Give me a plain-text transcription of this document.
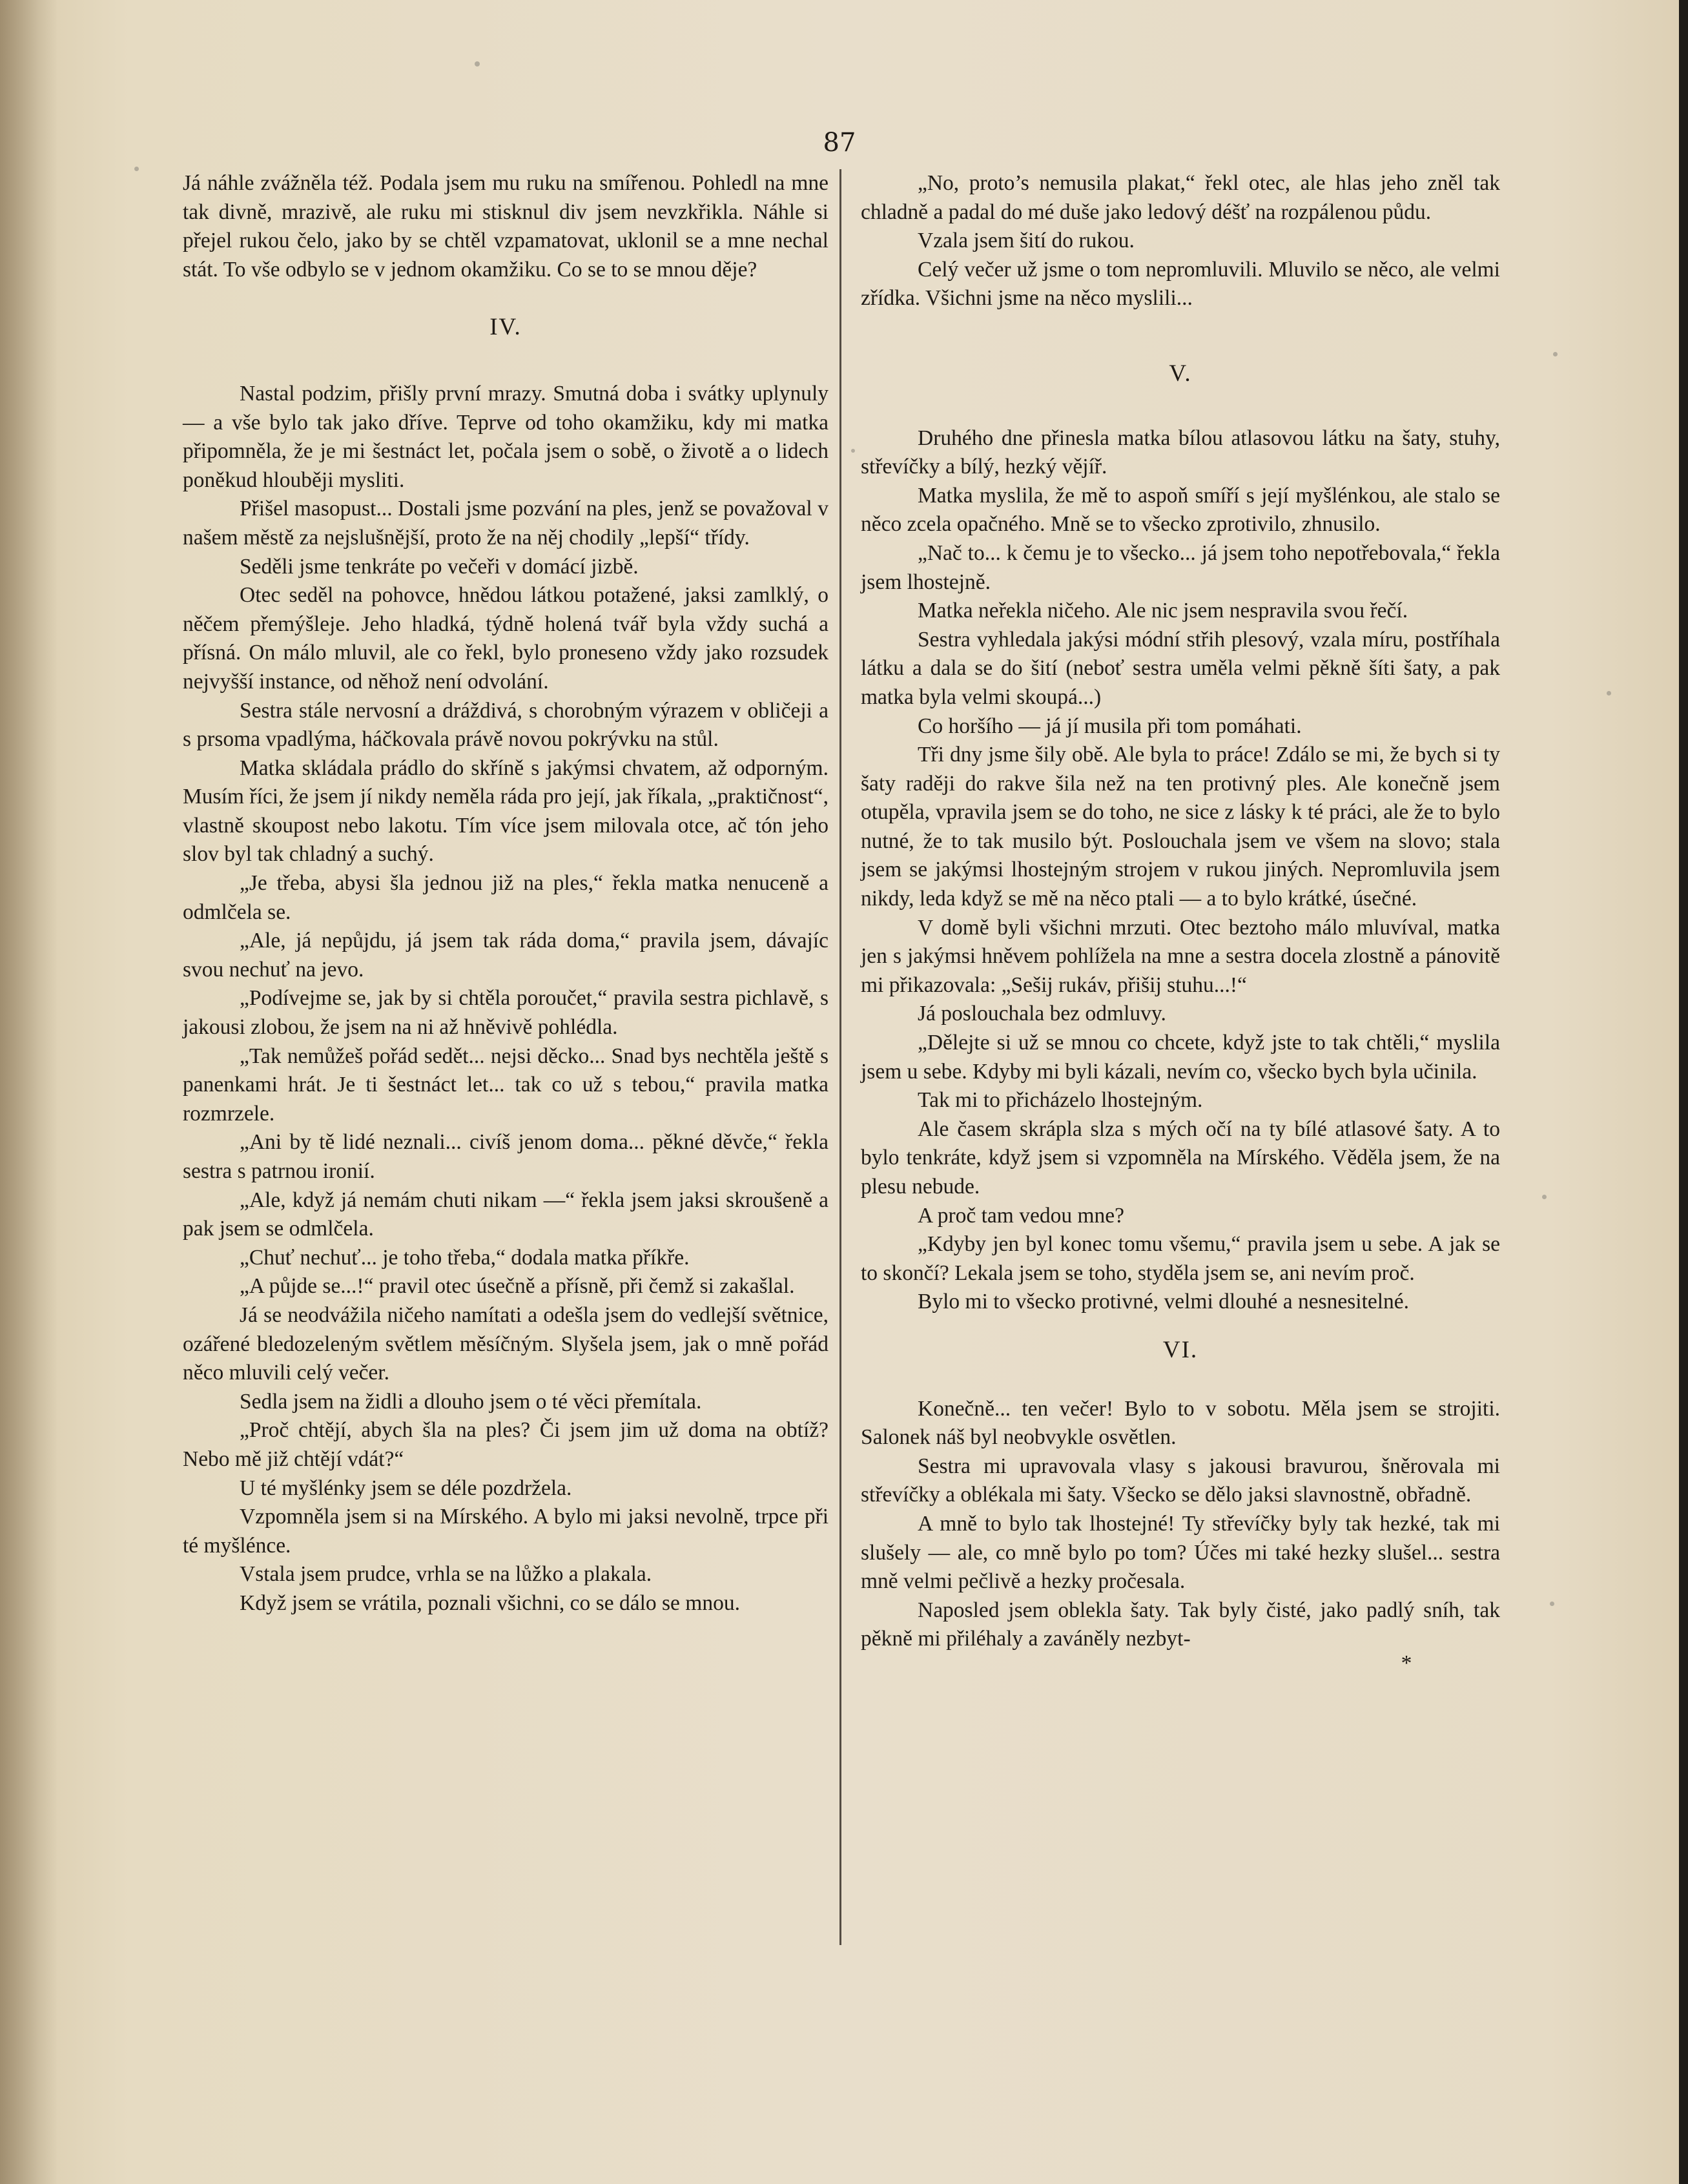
87

Já náhle zvážněla též. Podala jsem mu ruku na smířenou. Pohledl na mne tak divně, mrazivě, ale ruku mi stisknul div jsem nevzkřikla. Náhle si přejel rukou čelo, jako by se chtěl vzpamatovat, uklonil se a mne nechal stát. To vše odbylo se v jednom okamžiku. Co se to se mnou děje?

IV.

Nastal podzim, přišly první mrazy. Smutná doba i svátky uplynuly — a vše bylo tak jako dříve. Teprve od toho okamžiku, kdy mi matka připomněla, že je mi šestnáct let, počala jsem o sobě, o životě a o lidech poněkud hlouběji mysliti.

Přišel masopust... Dostali jsme pozvání na ples, jenž se považoval v našem městě za nejslušnější, proto že na něj chodily „lepší“ třídy.

Seděli jsme tenkráte po večeři v domácí jizbě.

Otec seděl na pohovce, hnědou látkou potažené, jaksi zamlklý, o něčem přemýšleje. Jeho hladká, týdně holená tvář byla vždy suchá a přísná. On málo mluvil, ale co řekl, bylo proneseno vždy jako rozsudek nejvyšší instance, od něhož není odvolání.

Sestra stále nervosní a dráždivá, s chorobným výrazem v obličeji a s prsoma vpadlýma, háčkovala právě novou pokrývku na stůl.

Matka skládala prádlo do skříně s jakýmsi chvatem, až odporným. Musím říci, že jsem jí nikdy neměla ráda pro její, jak říkala, „praktičnost“, vlastně skoupost nebo lakotu. Tím více jsem milovala otce, ač tón jeho slov byl tak chladný a suchý.

„Je třeba, abysi šla jednou již na ples,“ řekla matka nenuceně a odmlčela se.

„Ale, já nepůjdu, já jsem tak ráda doma,“ pravila jsem, dávajíc svou nechuť na jevo.

„Podívejme se, jak by si chtěla poroučet,“ pravila sestra pichlavě, s jakousi zlobou, že jsem na ni až hněvivě pohlédla.

„Tak nemůžeš pořád sedět... nejsi děcko... Snad bys nechtěla ještě s panenkami hrát. Je ti šestnáct let... tak co už s tebou,“ pravila matka rozmrzele.

„Ani by tě lidé neznali... civíš jenom doma... pěkné děvče,“ řekla sestra s patrnou ironií.

„Ale, když já nemám chuti nikam —“ řekla jsem jaksi skroušeně a pak jsem se odmlčela.

„Chuť nechuť... je toho třeba,“ dodala matka příkře.

„A půjde se...!“ pravil otec úsečně a přísně, při čemž si zakašlal.

Já se neodvážila ničeho namítati a odešla jsem do vedlejší světnice, ozářené bledozeleným světlem měsíčným. Slyšela jsem, jak o mně pořád něco mluvili celý večer.

Sedla jsem na židli a dlouho jsem o té věci přemítala.

„Proč chtějí, abych šla na ples? Či jsem jim už doma na obtíž? Nebo mě již chtějí vdát?“

U té myšlénky jsem se déle pozdržela.

Vzpomněla jsem si na Mírského. A bylo mi jaksi nevolně, trpce při té myšlénce.

Vstala jsem prudce, vrhla se na lůžko a plakala.

Když jsem se vrátila, poznali všichni, co se dálo se mnou.

„No, proto’s nemusila plakat,“ řekl otec, ale hlas jeho zněl tak chladně a padal do mé duše jako ledový déšť na rozpálenou půdu.

Vzala jsem šití do rukou.

Celý večer už jsme o tom nepromluvili. Mluvilo se něco, ale velmi zřídka. Všichni jsme na něco myslili...

V.

Druhého dne přinesla matka bílou atlasovou látku na šaty, stuhy, střevíčky a bílý, hezký vějíř.

Matka myslila, že mě to aspoň smíří s její myšlénkou, ale stalo se něco zcela opačného. Mně se to všecko zprotivilo, zhnusilo.

„Nač to... k čemu je to všecko... já jsem toho nepotřebovala,“ řekla jsem lhostejně.

Matka neřekla ničeho. Ale nic jsem nespravila svou řečí.

Sestra vyhledala jakýsi módní střih plesový, vzala míru, postříhala látku a dala se do šití (neboť sestra uměla velmi pěkně šíti šaty, a pak matka byla velmi skoupá...)

Co horšího — já jí musila při tom pomáhati.

Tři dny jsme šily obě. Ale byla to práce! Zdálo se mi, že bych si ty šaty raději do rakve šila než na ten protivný ples. Ale konečně jsem otupěla, vpravila jsem se do toho, ne sice z lásky k té práci, ale že to bylo nutné, že to tak musilo být. Poslouchala jsem ve všem na slovo; stala jsem se jakýmsi lhostejným strojem v rukou jiných. Nepromluvila jsem nikdy, leda když se mě na něco ptali — a to bylo krátké, úsečné.

V domě byli všichni mrzuti. Otec beztoho málo mluvíval, matka jen s jakýmsi hněvem pohlížela na mne a sestra docela zlostně a pánovitě mi přikazovala: „Sešij rukáv, přišij stuhu...!“

Já poslouchala bez odmluvy.

„Dělejte si už se mnou co chcete, když jste to tak chtěli,“ myslila jsem u sebe. Kdyby mi byli kázali, nevím co, všecko bych byla učinila.

Tak mi to přicházelo lhostejným.

Ale časem skrápla slza s mých očí na ty bílé atlasové šaty. A to bylo tenkráte, když jsem si vzpomněla na Mírského. Věděla jsem, že na plesu nebude.

A proč tam vedou mne?

„Kdyby jen byl konec tomu všemu,“ pravila jsem u sebe. A jak se to skončí? Lekala jsem se toho, styděla jsem se, ani nevím proč.

Bylo mi to všecko protivné, velmi dlouhé a nesnesitelné.

VI.

Konečně... ten večer! Bylo to v sobotu. Měla jsem se strojiti. Salonek náš byl neobvykle osvětlen.

Sestra mi upravovala vlasy s jakousi bravurou, šněrovala mi střevíčky a oblékala mi šaty. Všecko se dělo jaksi slavnostně, obřadně.

A mně to bylo tak lhostejné! Ty střevíčky byly tak hezké, tak mi slušely — ale, co mně bylo po tom? Účes mi také hezky slušel... sestra mně velmi pečlivě a hezky pročesala.

Naposled jsem oblekla šaty. Tak byly čisté, jako padlý sníh, tak pěkně mi přiléhaly a zaváněly nezbyt-

*
